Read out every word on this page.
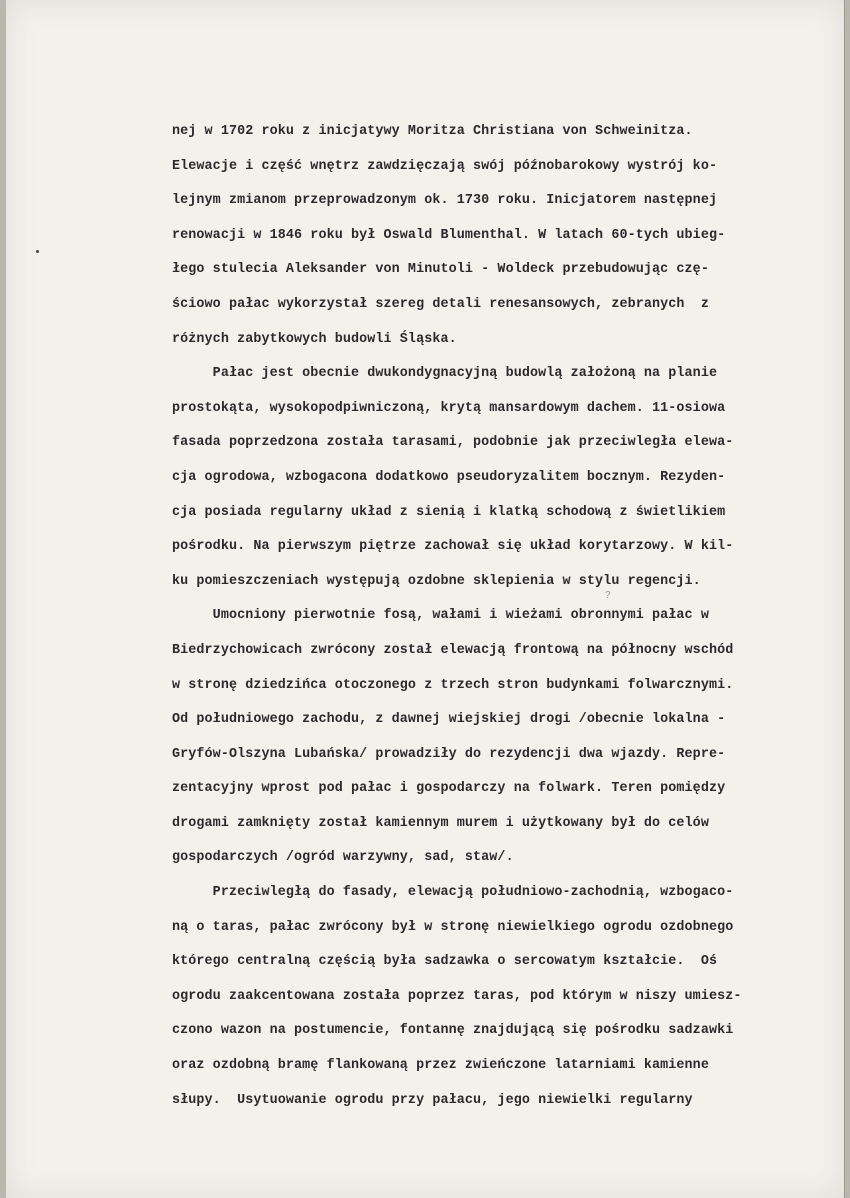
?
nej w 1702 roku z inicjatywy Moritza Christiana von Schweinitza.
Elewacje i część wnętrz zawdzięczają swój późnobarokowy wystrój ko-
lejnym zmianom przeprowadzonym ok. 1730 roku. Inicjatorem następnej
renowacji w 1846 roku był Oswald Blumenthal. W latach 60-tych ubieg-
łego stulecia Aleksander von Minutoli - Woldeck przebudowując czę-
ściowo pałac wykorzystał szereg detali renesansowych, zebranych  z
różnych zabytkowych budowli Śląska.
Pałac jest obecnie dwukondygnacyjną budowlą założoną na planie
prostokąta, wysokopodpiwniczoną, krytą mansardowym dachem. 11-osiowa
fasada poprzedzona została tarasami, podobnie jak przeciwległa elewa-
cja ogrodowa, wzbogacona dodatkowo pseudoryzalitem bocznym. Rezyden-
cja posiada regularny układ z sienią i klatką schodową z świetlikiem
pośrodku. Na pierwszym piętrze zachował się układ korytarzowy. W kil-
ku pomieszczeniach występują ozdobne sklepienia w stylu regencji.
Umocniony pierwotnie fosą, wałami i wieżami obronnymi pałac w
Biedrzychowicach zwrócony został elewacją frontową na północny wschód
w stronę dziedzińca otoczonego z trzech stron budynkami folwarcznymi.
Od południowego zachodu, z dawnej wiejskiej drogi /obecnie lokalna -
Gryfów-Olszyna Lubańska/ prowadziły do rezydencji dwa wjazdy. Repre-
zentacyjny wprost pod pałac i gospodarczy na folwark. Teren pomiędzy
drogami zamknięty został kamiennym murem i użytkowany był do celów
gospodarczych /ogród warzywny, sad, staw/.
Przeciwległą do fasady, elewacją południowo-zachodnią, wzbogaco-
ną o taras, pałac zwrócony był w stronę niewielkiego ogrodu ozdobnego
którego centralną częścią była sadzawka o sercowatym kształcie.  Oś
ogrodu zaakcentowana została poprzez taras, pod którym w niszy umiesz-
czono wazon na postumencie, fontannę znajdującą się pośrodku sadzawki
oraz ozdobną bramę flankowaną przez zwieńczone latarniami kamienne
słupy.  Usytuowanie ogrodu przy pałacu, jego niewielki regularny
